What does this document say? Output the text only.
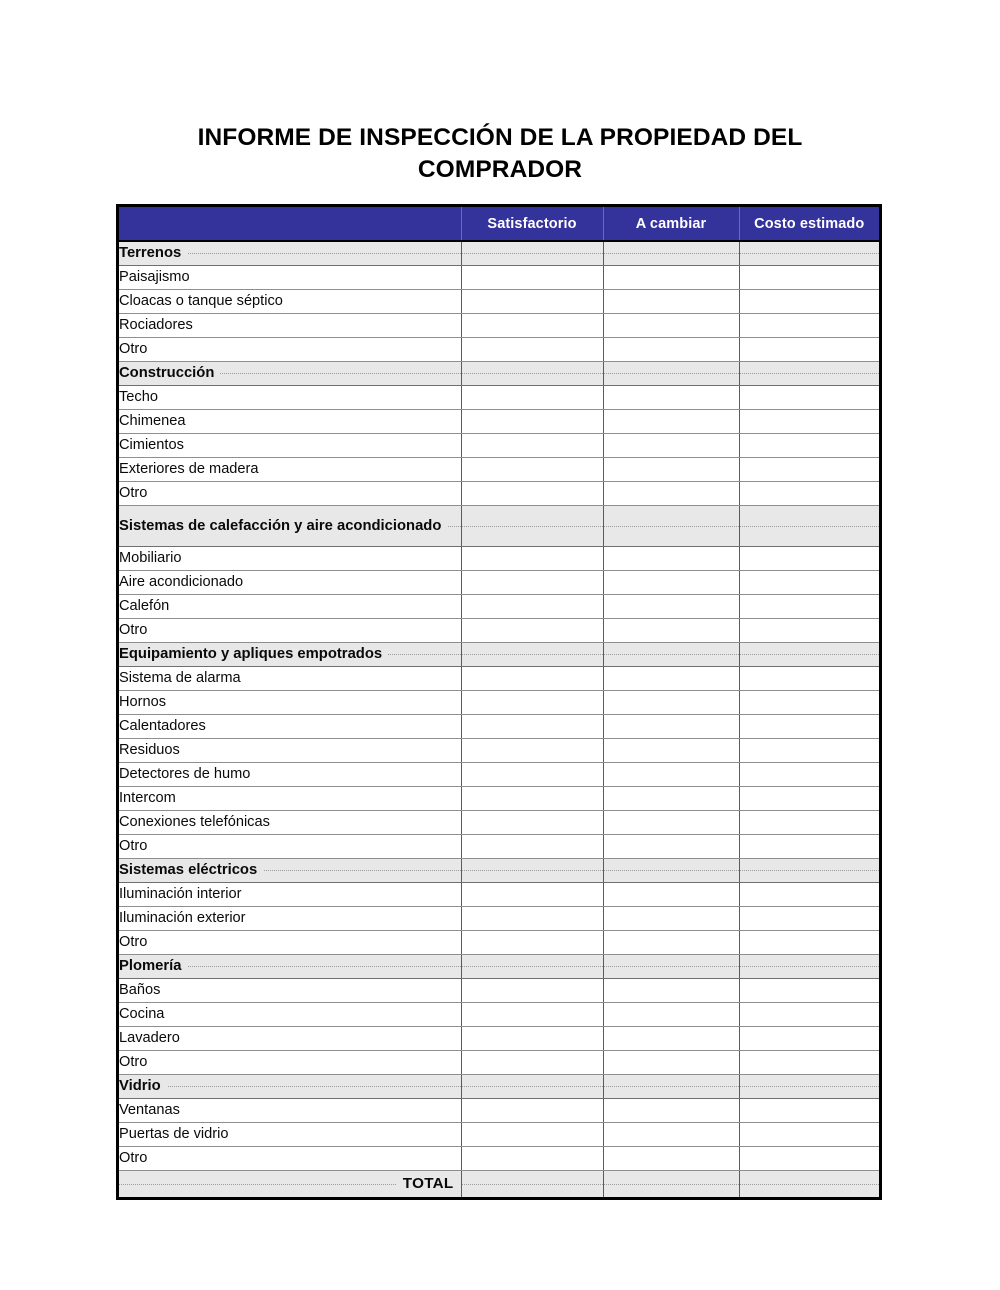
INFORME DE INSPECCIÓN DE LA PROPIEDAD DEL COMPRADOR
	Satisfactorio	A cambiar	Costo estimado

Terrenos			

Paisajismo			
Cloacas o tanque séptico			
Rociadores			
Otro			

Construcción			

Techo			
Chimenea			
Cimientos			
Exteriores de madera			
Otro			

Sistemas de calefacción y aire acondicionado			

Mobiliario			
Aire acondicionado			
Calefón			
Otro			

Equipamiento y apliques empotrados			

Sistema de alarma			
Hornos			
Calentadores			
Residuos			
Detectores de humo			
Intercom			
Conexiones telefónicas			
Otro			

Sistemas eléctricos			

Iluminación interior			
Iluminación exterior			
Otro			

Plomería			

Baños			
Cocina			
Lavadero			
Otro			

Vidrio			

Ventanas			
Puertas de vidrio			
Otro			

TOTAL			
